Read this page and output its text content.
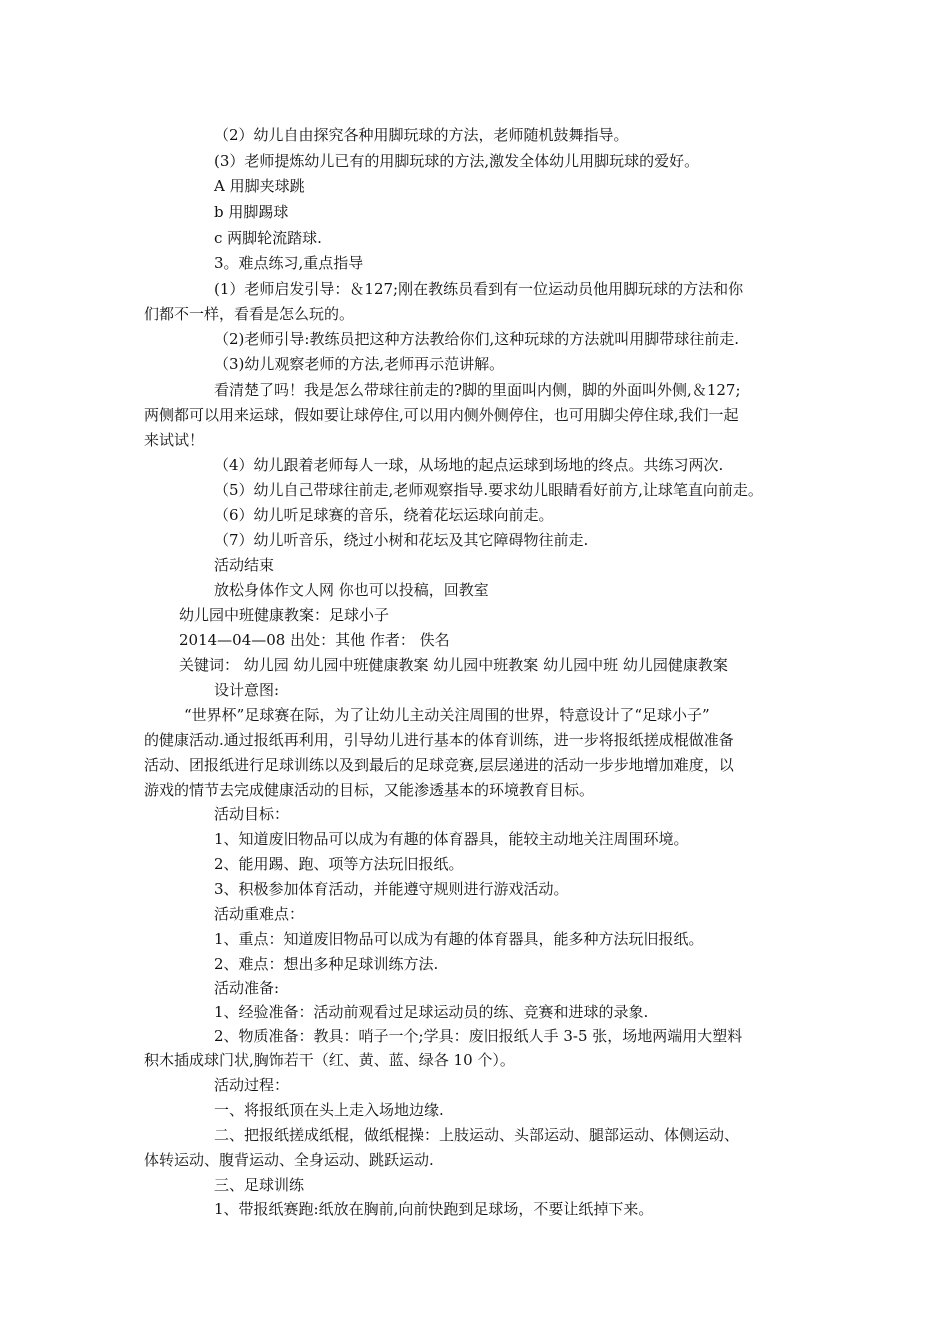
（2）幼儿自由探究各种用脚玩球的方法，老师随机鼓舞指导。
(3）老师提炼幼儿已有的用脚玩球的方法,激发全体幼儿用脚玩球的爱好。
A 用脚夹球跳
b 用脚踢球
c 两脚轮流踏球.
3。难点练习,重点指导
(1）老师启发引导：＆127;刚在教练员看到有一位运动员他用脚玩球的方法和你
们都不一样，看看是怎么玩的。
（2)老师引导:教练员把这种方法教给你们,这种玩球的方法就叫用脚带球往前走.
（3)幼儿观察老师的方法,老师再示范讲解。
看清楚了吗！我是怎么带球往前走的?脚的里面叫内侧，脚的外面叫外侧,＆127;
两侧都可以用来运球，假如要让球停住,可以用内侧外侧停住，也可用脚尖停住球,我们一起
来试试！
（4）幼儿跟着老师每人一球，从场地的起点运球到场地的终点。共练习两次.
（5）幼儿自己带球往前走,老师观察指导.要求幼儿眼睛看好前方,让球笔直向前走。
（6）幼儿听足球赛的音乐，绕着花坛运球向前走。
（7）幼儿听音乐，绕过小树和花坛及其它障碍物往前走.
活动结束
放松身体作文人网 你也可以投稿，回教室
幼儿园中班健康教案：足球小子
2014—04—08 出处：其他 作者： 佚名
关键词： 幼儿园 幼儿园中班健康教案 幼儿园中班教案 幼儿园中班 幼儿园健康教案
设计意图:
“世界杯”足球赛在际，为了让幼儿主动关注周围的世界，特意设计了“足球小子”
的健康活动.通过报纸再利用，引导幼儿进行基本的体育训练，进一步将报纸搓成棍做准备
活动、团报纸进行足球训练以及到最后的足球竞赛,层层递进的活动一步步地增加难度，以
游戏的情节去完成健康活动的目标，又能渗透基本的环境教育目标。
活动目标：
1、知道废旧物品可以成为有趣的体育器具，能较主动地关注周围环境。
2、能用踢、跑、项等方法玩旧报纸。
3、积极参加体育活动，并能遵守规则进行游戏活动。
活动重难点：
1、重点：知道废旧物品可以成为有趣的体育器具，能多种方法玩旧报纸。
2、难点：想出多种足球训练方法.
活动准备:
1、经验准备：活动前观看过足球运动员的练、竞赛和进球的录象.
2、物质准备：教具：哨子一个;学具：废旧报纸人手 3-5 张，场地两端用大塑料
积木插成球门状,胸饰若干（红、黄、蓝、绿各 10 个）。
活动过程：
一、将报纸顶在头上走入场地边缘.
二、把报纸搓成纸棍，做纸棍操：上肢运动、头部运动、腿部运动、体侧运动、
体转运动、腹背运动、全身运动、跳跃运动.
三、足球训练
1、带报纸赛跑:纸放在胸前,向前快跑到足球场，不要让纸掉下来。
